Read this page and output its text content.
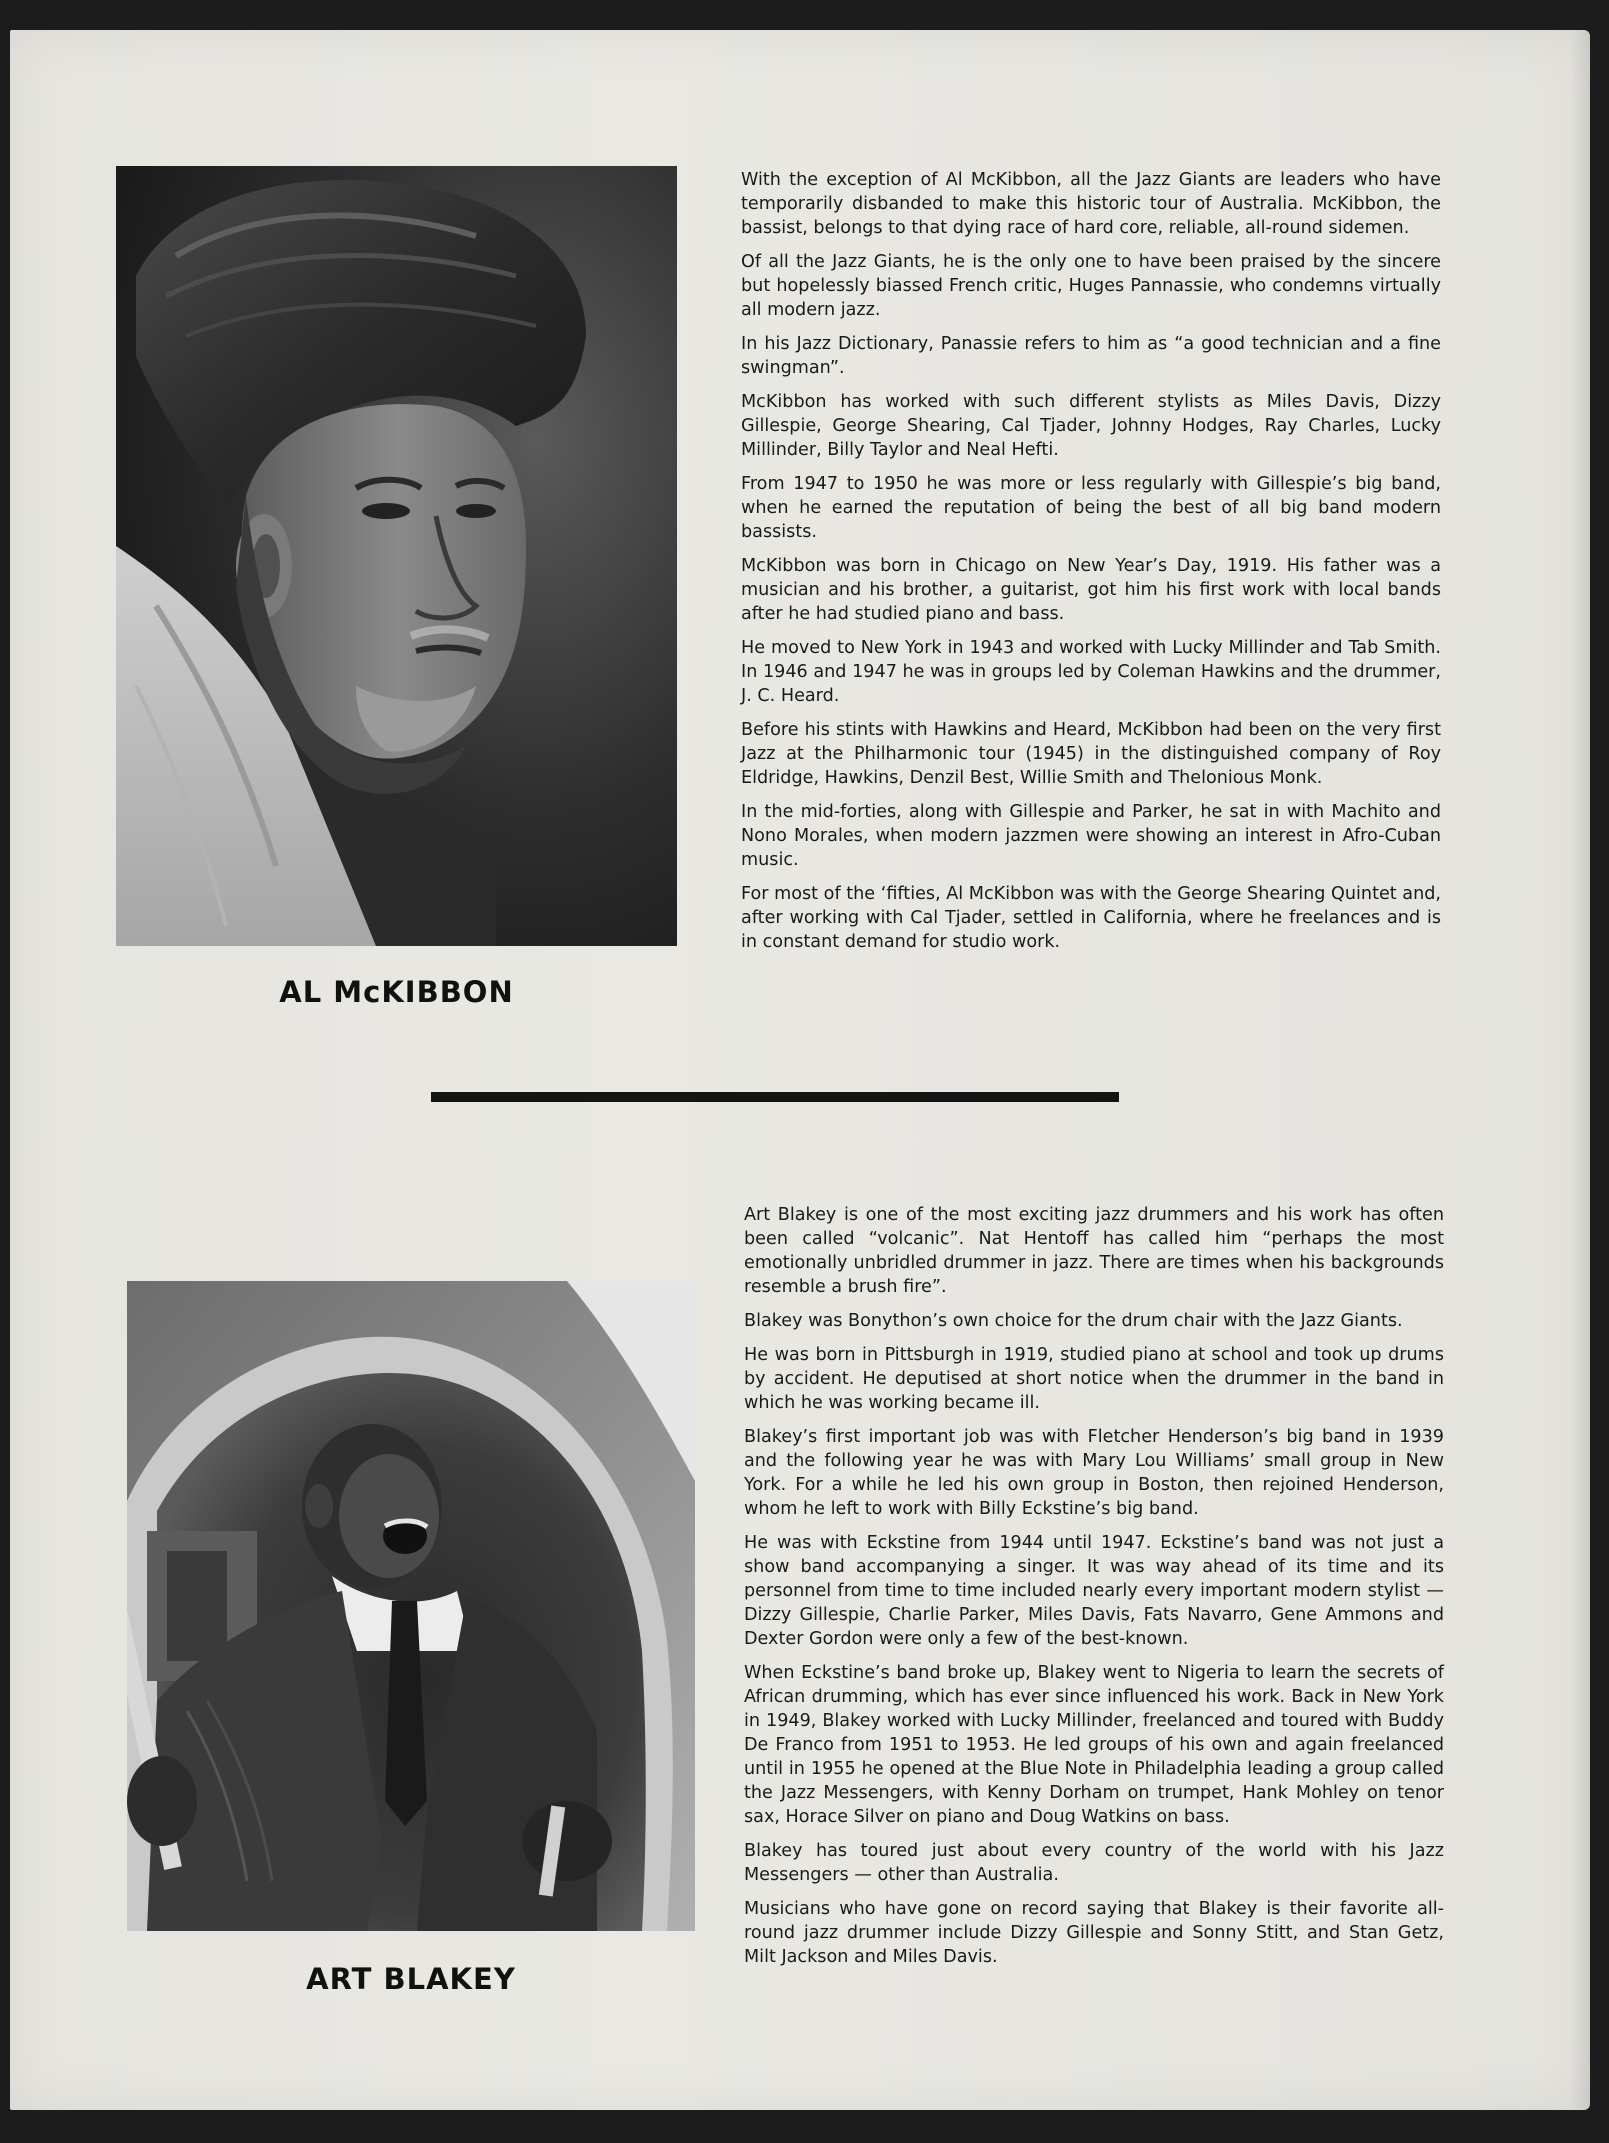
AL McKIBBON

With the exception of Al McKibbon, all the Jazz Giants are leaders who have temporarily disbanded to make this historic tour of Australia. McKibbon, the bassist, belongs to that dying race of hard core, reliable, all-round sidemen.

Of all the Jazz Giants, he is the only one to have been praised by the sincere but hopelessly biassed French critic, Huges Pannassie, who condemns virtually all modern jazz.

In his Jazz Dictionary, Panassie refers to him as “a good technician and a fine swingman”.

McKibbon has worked with such different stylists as Miles Davis, Dizzy Gillespie, George Shearing, Cal Tjader, Johnny Hodges, Ray Charles, Lucky Millinder, Billy Taylor and Neal Hefti.

From 1947 to 1950 he was more or less regularly with Gillespie’s big band, when he earned the reputation of being the best of all big band modern bassists.

McKibbon was born in Chicago on New Year’s Day, 1919. His father was a musician and his brother, a guitarist, got him his first work with local bands after he had studied piano and bass.

He moved to New York in 1943 and worked with Lucky Millinder and Tab Smith. In 1946 and 1947 he was in groups led by Coleman Hawkins and the drummer, J. C. Heard.

Before his stints with Hawkins and Heard, McKibbon had been on the very first Jazz at the Philharmonic tour (1945) in the distinguished company of Roy Eldridge, Hawkins, Denzil Best, Willie Smith and Thelonious Monk.

In the mid-forties, along with Gillespie and Parker, he sat in with Machito and Nono Morales, when modern jazzmen were showing an interest in Afro-Cuban music.

For most of the ‘fifties, Al McKibbon was with the George Shearing Quintet and, after working with Cal Tjader, settled in California, where he freelances and is in constant demand for studio work.

Art Blakey is one of the most exciting jazz drummers and his work has often been called “volcanic”. Nat Hentoff has called him “perhaps the most emotionally unbridled drummer in jazz. There are times when his backgrounds resemble a brush fire”.

Blakey was Bonython’s own choice for the drum chair with the Jazz Giants.

He was born in Pittsburgh in 1919, studied piano at school and took up drums by accident. He deputised at short notice when the drummer in the band in which he was working became ill.

Blakey’s first important job was with Fletcher Henderson’s big band in 1939 and the following year he was with Mary Lou Williams’ small group in New York. For a while he led his own group in Boston, then rejoined Henderson, whom he left to work with Billy Eckstine’s big band.

He was with Eckstine from 1944 until 1947. Eckstine’s band was not just a show band accompanying a singer. It was way ahead of its time and its personnel from time to time included nearly every important modern stylist — Dizzy Gillespie, Charlie Parker, Miles Davis, Fats Navarro, Gene Ammons and Dexter Gordon were only a few of the best-known.

When Eckstine’s band broke up, Blakey went to Nigeria to learn the secrets of African drumming, which has ever since influenced his work. Back in New York in 1949, Blakey worked with Lucky Millinder, freelanced and toured with Buddy De Franco from 1951 to 1953. He led groups of his own and again freelanced until in 1955 he opened at the Blue Note in Philadelphia leading a group called the Jazz Messengers, with Kenny Dorham on trumpet, Hank Mohley on tenor sax, Horace Silver on piano and Doug Watkins on bass.

Blakey has toured just about every country of the world with his Jazz Messengers — other than Australia.

Musicians who have gone on record saying that Blakey is their favorite all-round jazz drummer include Dizzy Gillespie and Sonny Stitt, and Stan Getz, Milt Jackson and Miles Davis.

ART BLAKEY
